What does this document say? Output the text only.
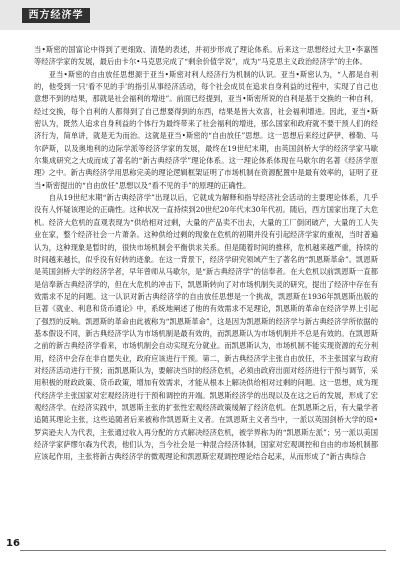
西方经济学

当•斯密的国富论中得到了更细致、清楚的表述，并初步形成了理论体系。后来这一思想经过大卫•李嘉图等经济学家的发展，最后由卡尔•马克思完成了“剩余价值学说”，成为“马克思主义政治经济学”的主体。

亚当•斯密的自由放任思想源于亚当•斯密对利人经济行为机制的认识。亚当•斯密认为，“人都是自利的，他受到一只‘看不见的手’的指引从事经济活动，每个社会成员在追求自身利益的过程中，实现了自己也意想不到的结果，那就是社会福利的增进”。前面已经提到，亚当•斯密所说的自利是基于交换的一种自利，经过交换，每个自利的人都得到了自己想要得到的东西，结果是皆大欢喜，社会福利增进。因此，亚当•斯密认为，既然人追求自身利益的个体行为最终带来了社会福利的增进，那么国家和政府就不要干预人们的经济行为，简单讲，就是无为而治。这就是亚当•斯密的“自由放任”思想。这一思想后来经过萨伊、穆勒、马尔萨斯，以及奥地利的边际学派等经济学家的发展，最终在19世纪末期，由英国剑桥大学的经济学家马歇尔集成研究之大成而成了著名的“新古典经济学”理论体系。这一理论体系体现在马歇尔的名著《经济学原理》之中。新古典经济学用思称完美的理论逻辑框架证明了市场机制在资源配置中是最有效率的，证明了亚当•斯密提出的“自由放任”思想以及“看不见的手”的原理的正确性。

自从19世纪末期“新古典经济学”出现以后，它就成为解释和指导经济社会活动的主要理论体系，几乎没有人怀疑该理论的正确性。这种状况一直持续到20世纪20年代末30年代初。随后，西方国家出现了大危机。经济大危机的直观表现为“供给相对过剩，大量的产品卖不出去，大量的工厂倒闭破产，大量的工人失业在家，整个经济社会一片萧条。这种供给过剩的现象在危机的初期并没有引起经济学家的重视，当时普遍认为，这种现象是暂时的，很快市场机制会平衡供求关系。但是随着时间的推移，危机越来越严重，持续的时间越来越长，似乎没有好转的迹象。在这一背景下，经济学研究领域产生了著名的“凯恩斯革命”。凯恩斯是英国剑桥大学的经济学者，早年曾师从马歇尔，是“新古典经济学”的信奉者。在大危机以前凯恩斯一直都是信奉新古典经济学的，但在大危机的冲击下，凯恩斯转向了对市场机制失灵的研究，提出了经济中存在有效需求不足的问题。这一认识对新古典经济学的自由放任思想是一个挑战，凯恩斯在1936年凯恩斯出版的巨著《就业、利息和货币通论》中，系统地阐述了他的有效需求不足理论，凯恩斯的革命在经济学界上引起了强烈的反响。凯恩斯的革命由此被称为“凯恩斯革命”，这是因为凯恩斯的经济学与新古典经济学所依据的基本假设不同，新古典经济学认为市场机制是最有效的，而凯恩斯认为市场机制并不总是有效的。在凯恩斯之前的新古典经济学看来，市场机制会自动实现充分就业。而凯恩斯认为，市场机制不能实现资源的充分利用，经济中会存在非自愿失业，政府应该进行干预。第二，新古典经济学主张自由放任，不主张国家与政府对经济活动进行干预；而凯恩斯认为，要解决当时的经济危机，必须由政府出面对经济进行干预与调节，采用积极的财政政策、货币政策，增加有效需求，才能从根本上解决供给相对过剩的问题。这一思想，成为现代经济学主张国家对宏观经济进行干预和调控的开端。凯恩斯经济学的出现以及在这之后的发展，形成了宏观经济学。在经济实践中，凯恩斯主张的扩张性宏观经济政策缓解了经济危机。在凯恩斯之后，有大量学者追随其理论主张，这些追随者后来被称作凯恩斯主义者。在凯恩斯主义者当中，一派以英国剑桥大学的琼•罗宾逊夫人为代表，主张通过收入再分配的方式解决经济危机，被学界称为的“凯恩斯左派”；另一派以美国经济学家萨缪尔森为代表，他们认为，当今社会是一种混合经济体制，国家对宏观调控和自由的市场机制都应该起作用，主张将新古典经济学的微观理论和凯恩斯宏观调控理论结合起来，从而形成了“新古典综合

16
